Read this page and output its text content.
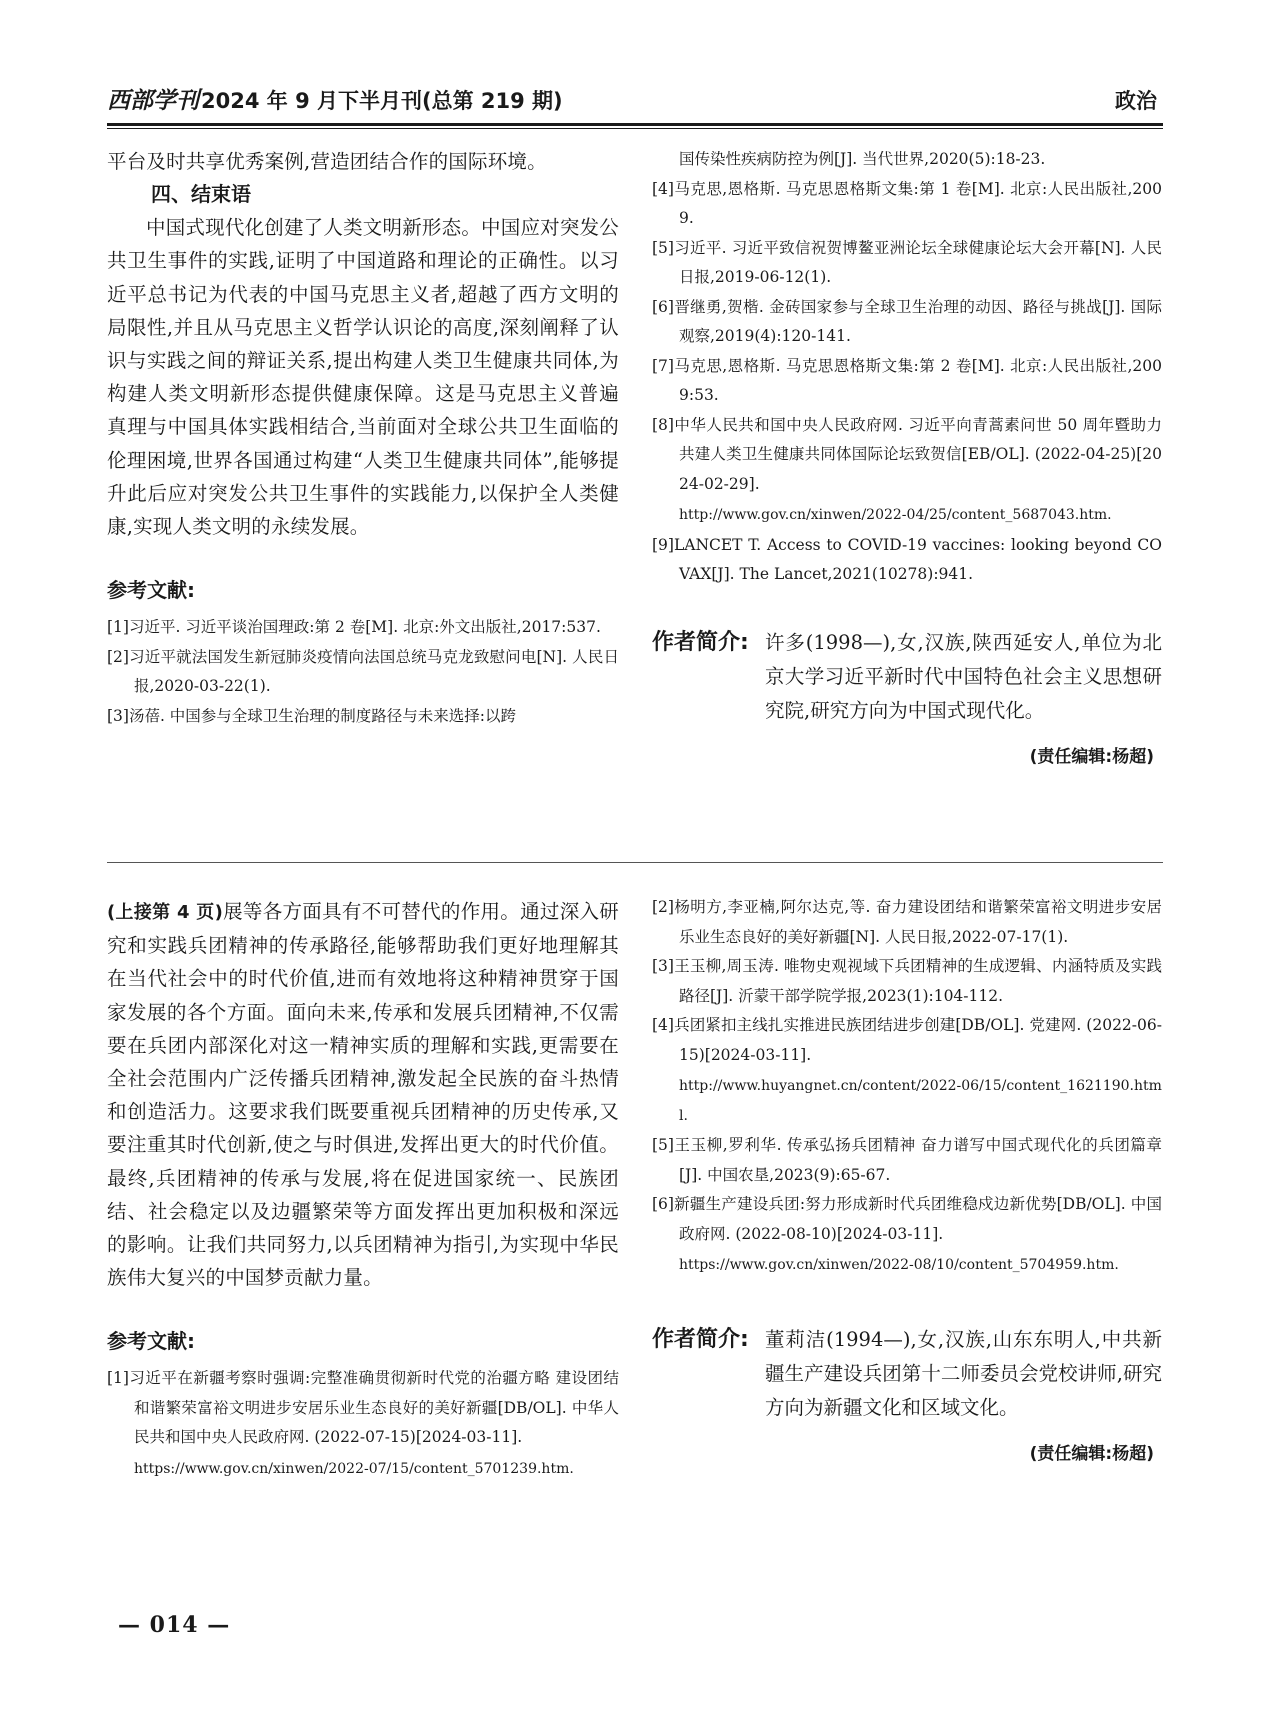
西部学刊2024 年 9 月下半月刊(总第 219 期)	政治

平台及时共享优秀案例,营造团结合作的国际环境。

四、结束语

中国式现代化创建了人类文明新形态。中国应对突发公共卫生事件的实践,证明了中国道路和理论的正确性。以习近平总书记为代表的中国马克思主义者,超越了西方文明的局限性,并且从马克思主义哲学认识论的高度,深刻阐释了认识与实践之间的辩证关系,提出构建人类卫生健康共同体,为构建人类文明新形态提供健康保障。这是马克思主义普遍真理与中国具体实践相结合,当前面对全球公共卫生面临的伦理困境,世界各国通过构建“人类卫生健康共同体”,能够提升此后应对突发公共卫生事件的实践能力,以保护全人类健康,实现人类文明的永续发展。

参考文献:

[1]习近平. 习近平谈治国理政:第 2 卷[M]. 北京:外文出版社,2017:537.

[2]习近平就法国发生新冠肺炎疫情向法国总统马克龙致慰问电[N]. 人民日报,2020-03-22(1).

[3]汤蓓. 中国参与全球卫生治理的制度路径与未来选择:以跨

国传染性疾病防控为例[J]. 当代世界,2020(5):18-23.

[4]马克思,恩格斯. 马克思恩格斯文集:第 1 卷[M]. 北京:人民出版社,2009.

[5]习近平. 习近平致信祝贺博鳌亚洲论坛全球健康论坛大会开幕[N]. 人民日报,2019-06-12(1).

[6]晋继勇,贺楷. 金砖国家参与全球卫生治理的动因、路径与挑战[J]. 国际观察,2019(4):120-141.

[7]马克思,恩格斯. 马克思恩格斯文集:第 2 卷[M]. 北京:人民出版社,2009:53.

[8]中华人民共和国中央人民政府网. 习近平向青蒿素问世 50 周年暨助力共建人类卫生健康共同体国际论坛致贺信[EB/OL]. (2022-04-25)[2024-02-29].
http://www.gov.cn/xinwen/2022-04/25/content_5687043.htm.

[9]LANCET T. Access to COVID-19 vaccines: looking beyond COVAX[J]. The Lancet,2021(10278):941.

作者简介: 许多(1998—),女,汉族,陕西延安人,单位为北京大学习近平新时代中国特色社会主义思想研究院,研究方向为中国式现代化。
(责任编辑:杨超)

(上接第 4 页)展等各方面具有不可替代的作用。通过深入研究和实践兵团精神的传承路径,能够帮助我们更好地理解其在当代社会中的时代价值,进而有效地将这种精神贯穿于国家发展的各个方面。面向未来,传承和发展兵团精神,不仅需要在兵团内部深化对这一精神实质的理解和实践,更需要在全社会范围内广泛传播兵团精神,激发起全民族的奋斗热情和创造活力。这要求我们既要重视兵团精神的历史传承,又要注重其时代创新,使之与时俱进,发挥出更大的时代价值。最终,兵团精神的传承与发展,将在促进国家统一、民族团结、社会稳定以及边疆繁荣等方面发挥出更加积极和深远的影响。让我们共同努力,以兵团精神为指引,为实现中华民族伟大复兴的中国梦贡献力量。

参考文献:

[1]习近平在新疆考察时强调:完整准确贯彻新时代党的治疆方略 建设团结和谐繁荣富裕文明进步安居乐业生态良好的美好新疆[DB/OL]. 中华人民共和国中央人民政府网. (2022-07-15)[2024-03-11].
https://www.gov.cn/xinwen/2022-07/15/content_5701239.htm.

[2]杨明方,李亚楠,阿尔达克,等. 奋力建设团结和谐繁荣富裕文明进步安居乐业生态良好的美好新疆[N]. 人民日报,2022-07-17(1).

[3]王玉柳,周玉涛. 唯物史观视域下兵团精神的生成逻辑、内涵特质及实践路径[J]. 沂蒙干部学院学报,2023(1):104-112.

[4]兵团紧扣主线扎实推进民族团结进步创建[DB/OL]. 党建网. (2022-06-15)[2024-03-11].
http://www.huyangnet.cn/content/2022-06/15/content_1621190.html.

[5]王玉柳,罗利华. 传承弘扬兵团精神 奋力谱写中国式现代化的兵团篇章[J]. 中国农垦,2023(9):65-67.

[6]新疆生产建设兵团:努力形成新时代兵团维稳戍边新优势[DB/OL]. 中国政府网. (2022-08-10)[2024-03-11].
https://www.gov.cn/xinwen/2022-08/10/content_5704959.htm.

作者简介: 董莉洁(1994—),女,汉族,山东东明人,中共新疆生产建设兵团第十二师委员会党校讲师,研究方向为新疆文化和区域文化。
(责任编辑:杨超)
— 014 —
